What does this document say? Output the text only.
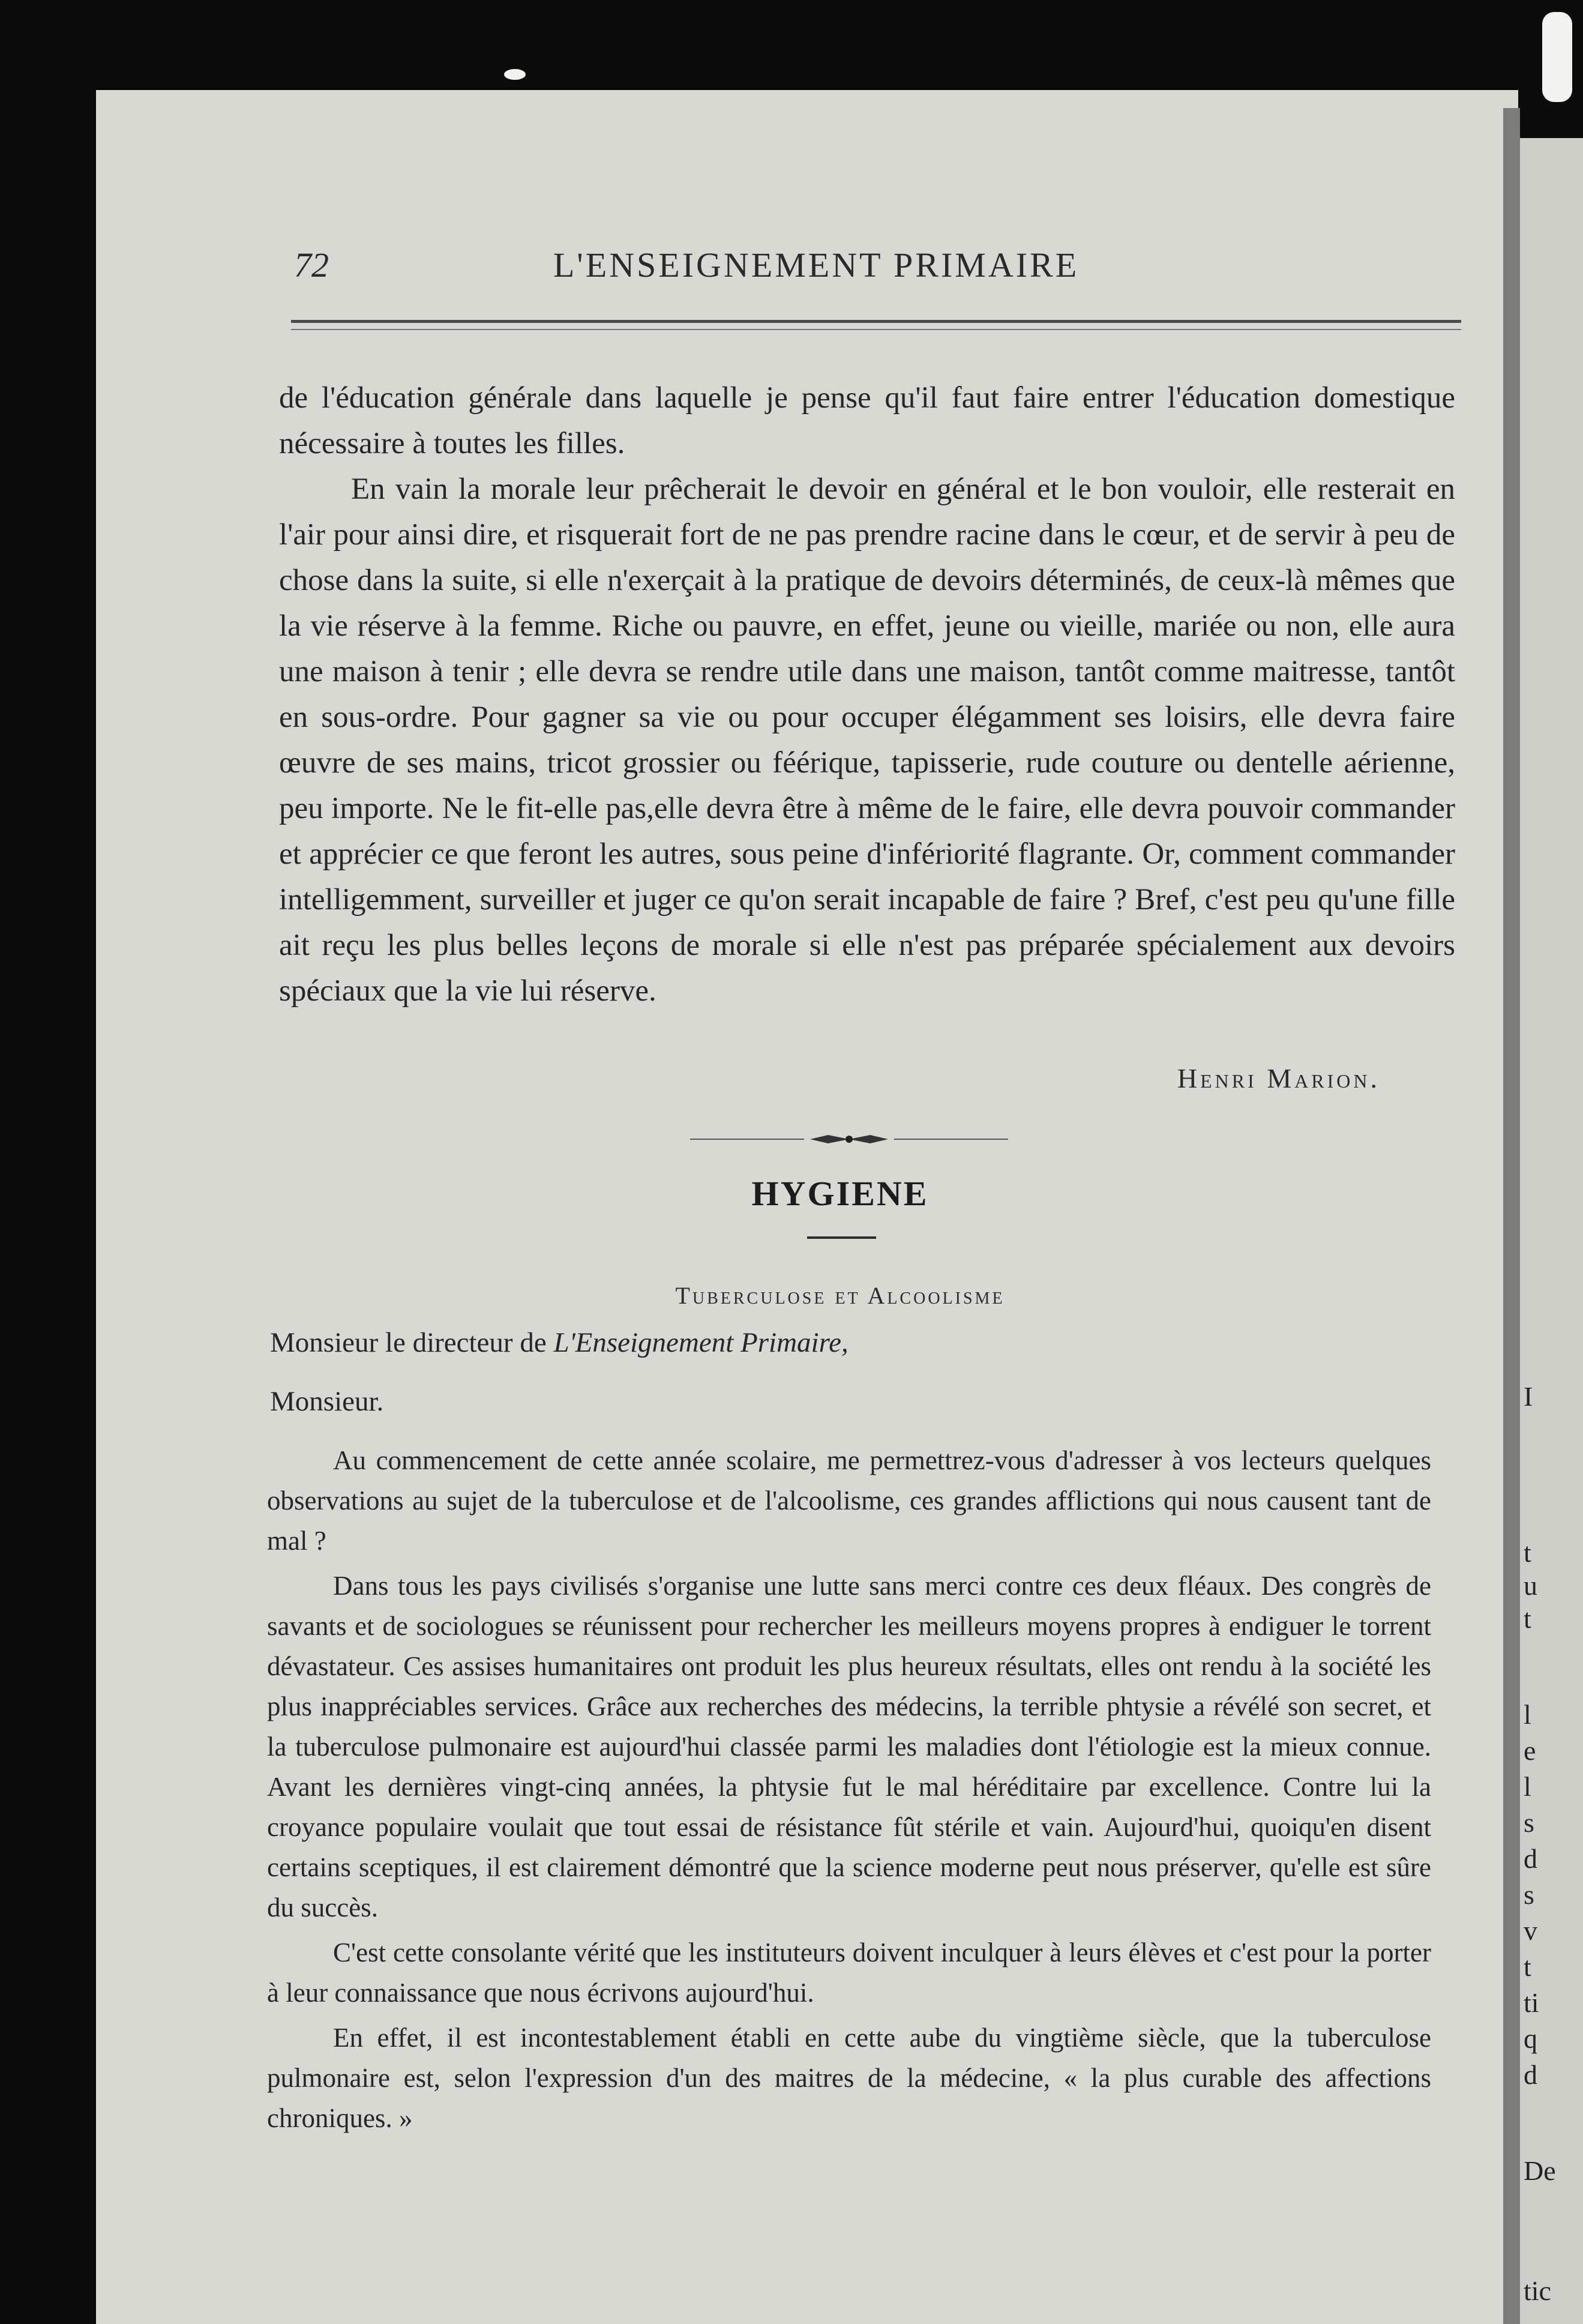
I
t
u
t
l
e
l
s
d
s
v
t
ti
q
d
De
tic
72	L'ENSEIGNEMENT PRIMAIRE

de l'éducation générale dans laquelle je pense qu'il faut faire entrer l'éducation domestique nécessaire à toutes les filles.

En vain la morale leur prêcherait le devoir en général et le bon vouloir, elle resterait en l'air pour ainsi dire, et risquerait fort de ne pas prendre racine dans le cœur, et de servir à peu de chose dans la suite, si elle n'exerçait à la pratique de devoirs déterminés, de ceux-là mêmes que la vie réserve à la femme. Riche ou pauvre, en effet, jeune ou vieille, mariée ou non, elle aura une maison à tenir ; elle devra se rendre utile dans une maison, tantôt comme maitresse, tantôt en sous-ordre. Pour gagner sa vie ou pour occuper élégamment ses loisirs, elle devra faire œuvre de ses mains, tricot grossier ou féérique, tapisserie, rude couture ou dentelle aérienne, peu importe. Ne le fit-elle pas,elle devra être à même de le faire, elle devra pouvoir commander et apprécier ce que feront les autres, sous peine d'infériorité flagrante. Or, comment commander intelligemment, surveiller et juger ce qu'on serait incapable de faire ? Bref, c'est peu qu'une fille ait reçu les plus belles leçons de morale si elle n'est pas préparée spécialement aux devoirs spéciaux que la vie lui réserve.

Henri Marion.
HYGIENE
Tuberculose et Alcoolisme
Monsieur le directeur de L'Enseignement Primaire,
Monsieur.

Au commencement de cette année scolaire, me permettrez-vous d'adresser à vos lecteurs quelques observations au sujet de la tuberculose et de l'alcoolisme, ces grandes afflictions qui nous causent tant de mal ?

Dans tous les pays civilisés s'organise une lutte sans merci contre ces deux fléaux. Des congrès de savants et de sociologues se réunissent pour rechercher les meilleurs moyens propres à endiguer le torrent dévastateur. Ces assises humanitaires ont produit les plus heureux résultats, elles ont rendu à la société les plus inappréciables services. Grâce aux recherches des médecins, la terrible phtysie a révélé son secret, et la tuberculose pulmonaire est aujourd'hui classée parmi les maladies dont l'étiologie est la mieux connue. Avant les dernières vingt-cinq années, la phtysie fut le mal héréditaire par excellence. Contre lui la croyance populaire voulait que tout essai de résistance fût stérile et vain. Aujourd'hui, quoiqu'en disent certains sceptiques, il est clairement démontré que la science moderne peut nous préserver, qu'elle est sûre du succès.

C'est cette consolante vérité que les instituteurs doivent inculquer à leurs élèves et c'est pour la porter à leur connaissance que nous écrivons aujourd'hui.

En effet, il est incontestablement établi en cette aube du vingtième siècle, que la tuberculose pulmonaire est, selon l'expression d'un des maitres de la médecine, « la plus curable des affections chroniques. »
